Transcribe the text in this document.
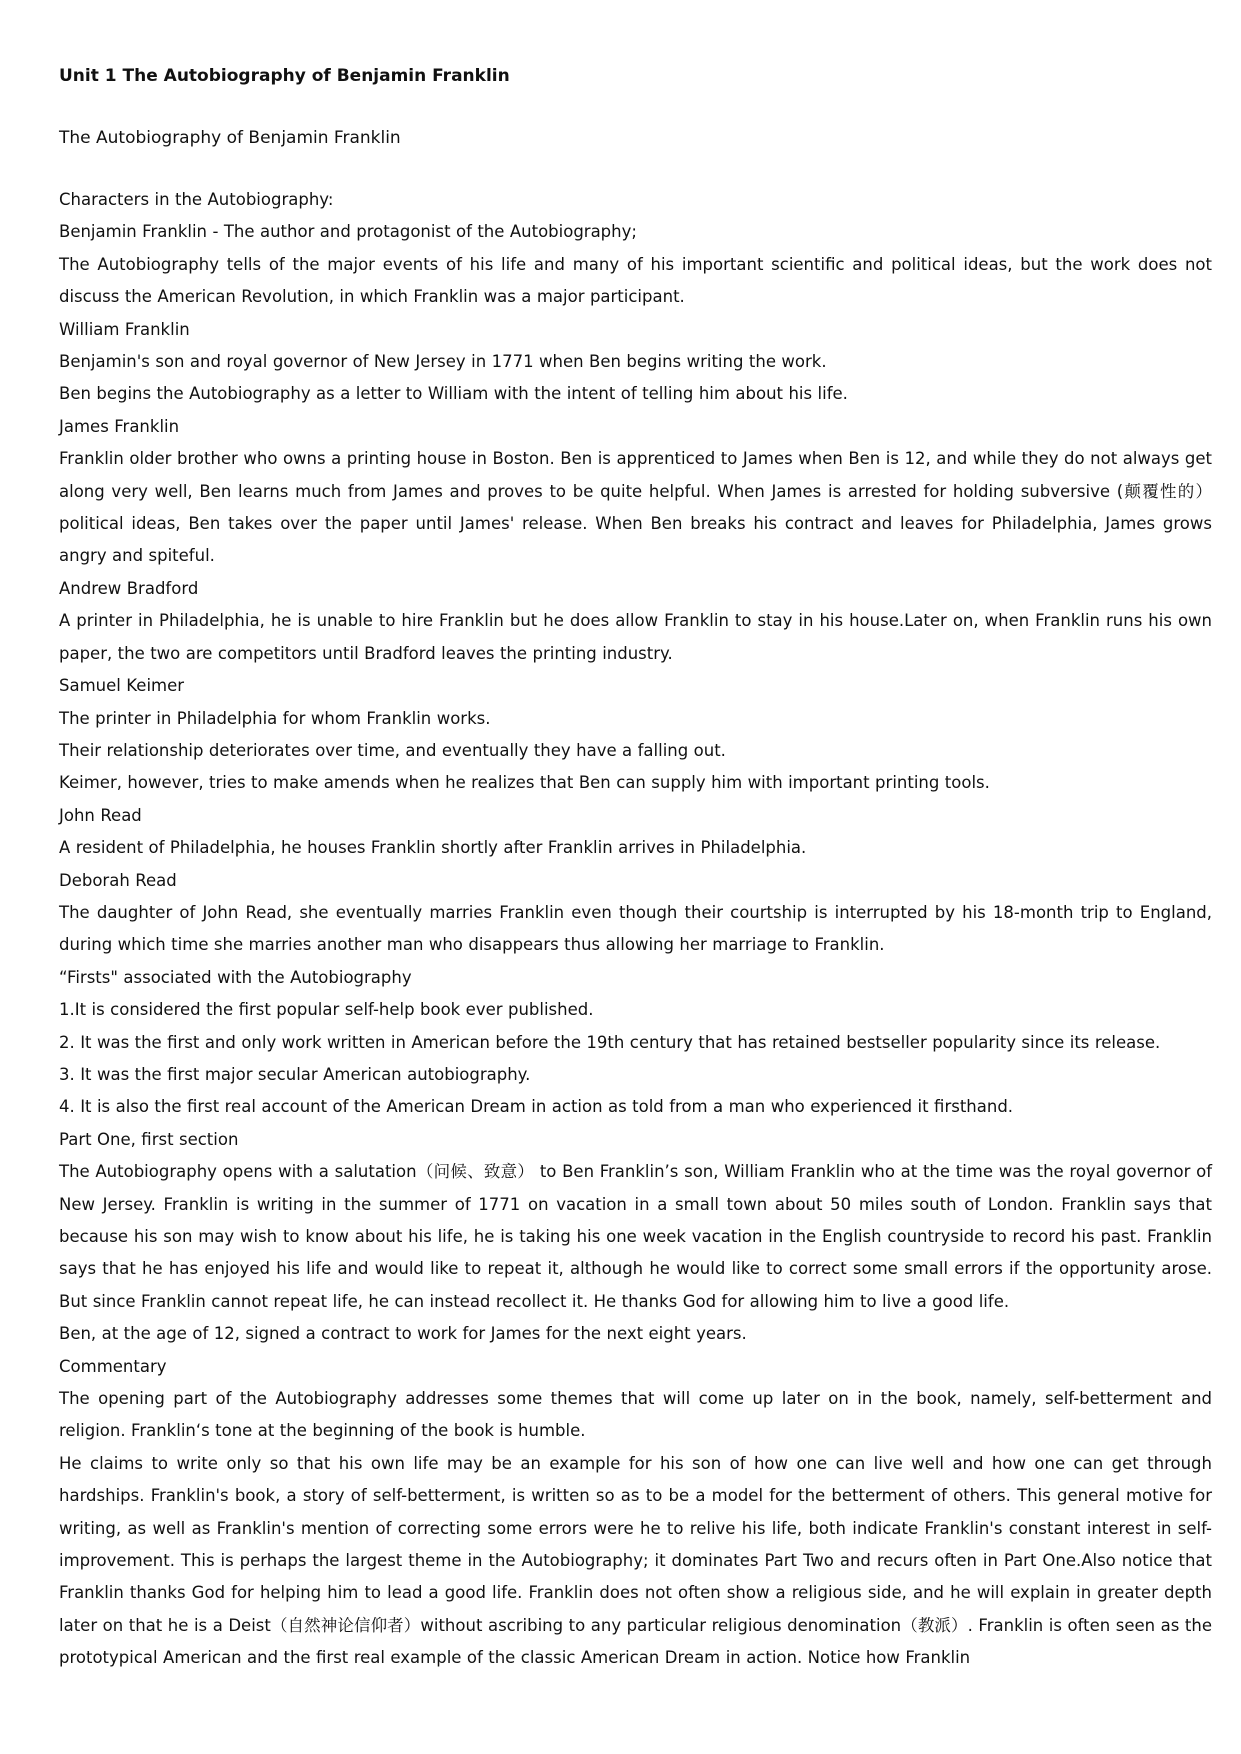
Unit 1 The Autobiography of Benjamin Franklin
The Autobiography of Benjamin Franklin
Characters in the Autobiography:
Benjamin Franklin - The author and protagonist of the Autobiography;
The Autobiography tells of the major events of his life and many of his important scientific and political ideas, but the work does not discuss the American Revolution, in which Franklin was a major participant.
William Franklin
Benjamin's son and royal governor of New Jersey in 1771 when Ben begins writing the work.
Ben begins the Autobiography as a letter to William with the intent of telling him about his life.
James Franklin
Franklin older brother who owns a printing house in Boston. Ben is apprenticed to James when Ben is 12, and while they do not always get along very well, Ben learns much from James and proves to be quite helpful. When James is arrested for holding subversive (颠覆性的） political ideas, Ben takes over the paper until James' release. When Ben breaks his contract and leaves for Philadelphia, James grows angry and spiteful.
Andrew Bradford
A printer in Philadelphia, he is unable to hire Franklin but he does allow Franklin to stay in his house.Later on, when Franklin runs his own paper, the two are competitors until Bradford leaves the printing industry.
Samuel Keimer
The printer in Philadelphia for whom Franklin works.
Their relationship deteriorates over time, and eventually they have a falling out.
Keimer, however, tries to make amends when he realizes that Ben can supply him with important printing tools.
John Read
A resident of Philadelphia, he houses Franklin shortly after Franklin arrives in Philadelphia.
Deborah Read
The daughter of John Read, she eventually marries Franklin even though their courtship is interrupted by his 18-month trip to England, during which time she marries another man who disappears thus allowing her marriage to Franklin.
“Firsts" associated with the Autobiography
1.It is considered the first popular self-help book ever published.
2. It was the first and only work written in American before the 19th century that has retained bestseller popularity since its release.
3. It was the first major secular American autobiography.
4. It is also the first real account of the American Dream in action as told from a man who experienced it firsthand.
Part One, first section
The Autobiography opens with a salutation（问候、致意） to Ben Franklin’s son, William Franklin who at the time was the royal governor of New Jersey. Franklin is writing in the summer of 1771 on vacation in a small town about 50 miles south of London. Franklin says that because his son may wish to know about his life, he is taking his one week vacation in the English countryside to record his past. Franklin says that he has enjoyed his life and would like to repeat it, although he would like to correct some small errors if the opportunity arose. But since Franklin cannot repeat life, he can instead recollect it. He thanks God for allowing him to live a good life.
Ben, at the age of 12, signed a contract to work for James for the next eight years.
Commentary
The opening part of the Autobiography addresses some themes that will come up later on in the book, namely, self-betterment and religion. Franklin‘s tone at the beginning of the book is humble.
He claims to write only so that his own life may be an example for his son of how one can live well and how one can get through hardships. Franklin's book, a story of self-betterment, is written so as to be a model for the betterment of others. This general motive for writing, as well as Franklin's mention of correcting some errors were he to relive his life, both indicate Franklin's constant interest in self-improvement. This is perhaps the largest theme in the Autobiography; it dominates Part Two and recurs often in Part One.Also notice that Franklin thanks God for helping him to lead a good life. Franklin does not often show a religious side, and he will explain in greater depth later on that he is a Deist（自然神论信仰者）without ascribing to any particular religious denomination（教派）. Franklin is often seen as the prototypical American and the first real example of the classic American Dream in action. Notice how Franklin
